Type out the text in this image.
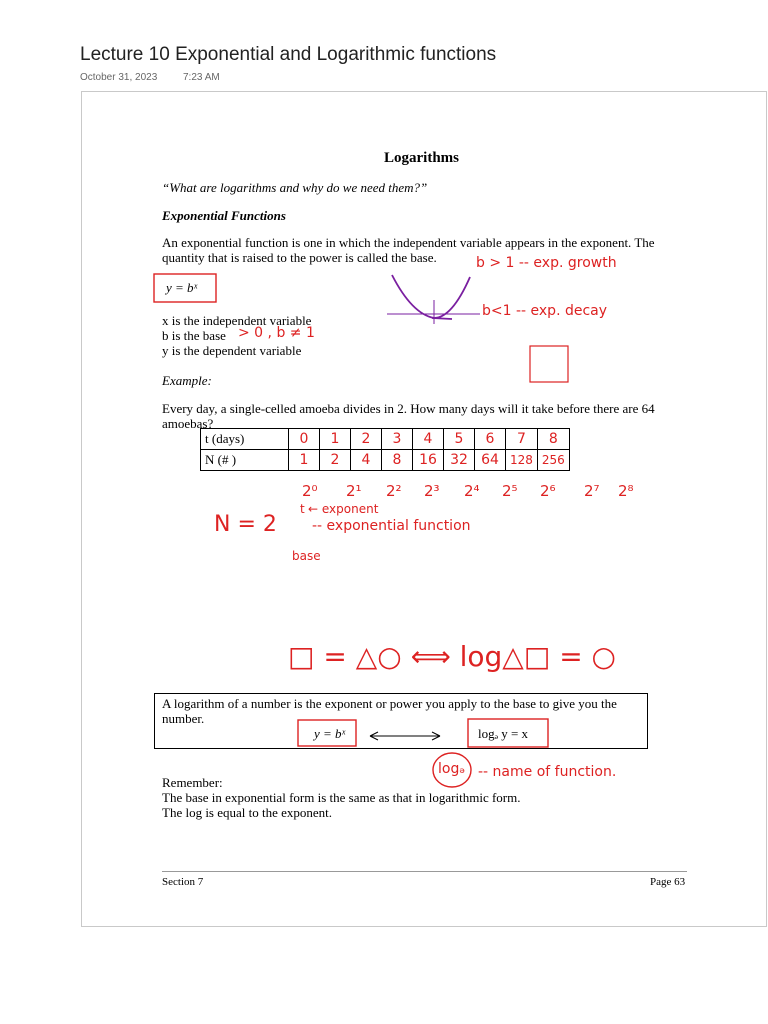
Lecture 10 Exponential and Logarithmic functions
October 31, 2023	7:23 AM
Logarithms
“What are logarithms and why do we need them?”
Exponential Functions
An exponential function is one in which the independent variable appears in the exponent. The quantity that is raised to the power is called the base.
y = bˣ
x is the independent variable
b is the base
y is the dependent variable
Example:
Every day, a single-celled amoeba divides in 2. How many days will it take before there are 64 amoebas?
t (days)	0	1	2	3	4	5	6	7	8
N (# )	1	2	4	8	16	32	64	128	256
A logarithm of a number is the exponent or power you apply to the base to give you the number.
y = bˣ	logₔ y = x
Remember:
The base in exponential form is the same as that in logarithmic form.
The log is equal to the exponent.
Section 7	Page 63
b > 1 -- exp. growth
b<1 -- exp. decay
> 0 , b ≠ 1
2⁰ 2¹ 2² 2³ 2⁴ 2⁵ 2⁶ 2⁷ 2⁸
N = 2
t ← exponent
-- exponential function
base
□ = △○ ⟺ log△□ = ○
logₔ -- name of function.
